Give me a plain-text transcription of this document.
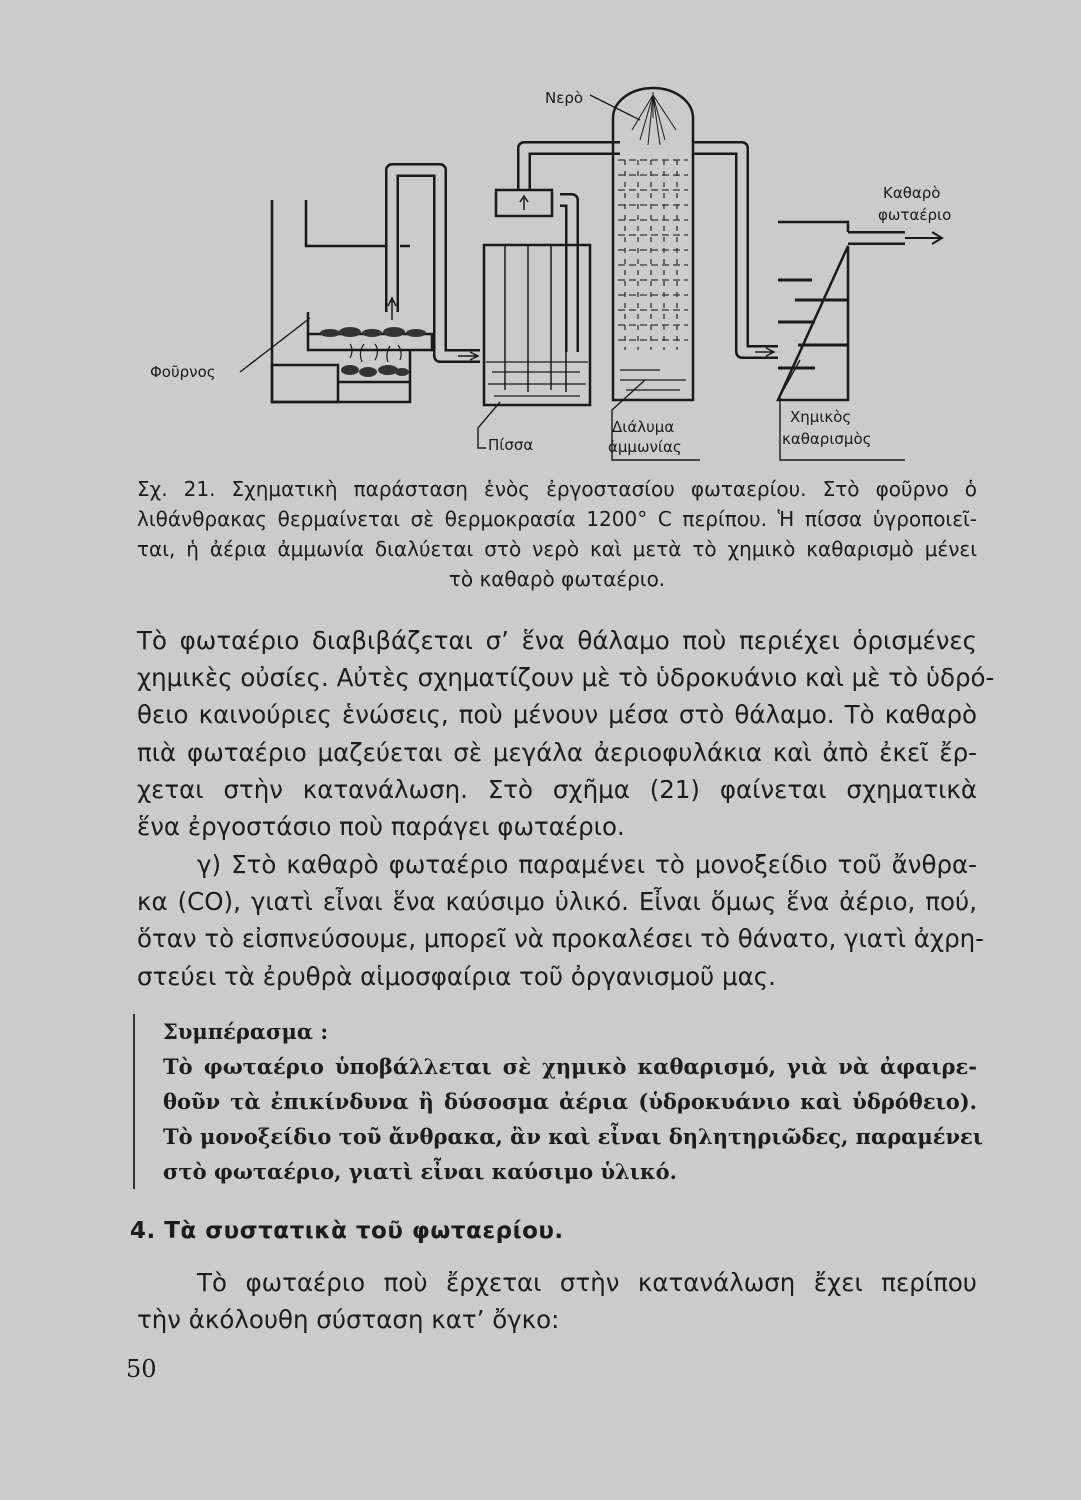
Νερὸ
Καθαρὸ
φωταέριο
Φοῦρνος
Πίσσα
Διάλυμα
ἀμμωνίας
Χημικὸς
καθαρισμὸς
Σχ. 21. Σχηματικὴ παράσταση ἑνὸς ἐργοστασίου φωταερίου. Στὸ φοῦρνο ὁ
λιθάνθρακας θερμαίνεται σὲ θερμοκρασία 1200° C περίπου. Ἡ πίσσα ὑγροποιεῖ-
ται, ἡ ἀέρια ἀμμωνία διαλύεται στὸ νερὸ καὶ μετὰ τὸ χημικὸ καθαρισμὸ μένει
τὸ καθαρὸ φωταέριο.
Τὸ φωταέριο διαβιβάζεται σ’ ἕνα θάλαμο ποὺ περιέχει ὁρισμένες
χημικὲς οὐσίες. Αὐτὲς σχηματίζουν μὲ τὸ ὑδροκυάνιο καὶ μὲ τὸ ὑδρό-
θειο καινούριες ἑνώσεις, ποὺ μένουν μέσα στὸ θάλαμο. Τὸ καθαρὸ
πιὰ φωταέριο μαζεύεται σὲ μεγάλα ἀεριοφυλάκια καὶ ἀπὸ ἐκεῖ ἔρ-
χεται στὴν κατανάλωση. Στὸ σχῆμα (21) φαίνεται σχηματικὰ
ἕνα ἐργοστάσιο ποὺ παράγει φωταέριο.
γ) Στὸ καθαρὸ φωταέριο παραμένει τὸ μονοξείδιο τοῦ ἄνθρα-
κα (CO), γιατὶ εἶναι ἕνα καύσιμο ὑλικό. Εἶναι ὅμως ἕνα ἀέριο, πού,
ὅταν τὸ εἰσπνεύσουμε, μπορεῖ νὰ προκαλέσει τὸ θάνατο, γιατὶ ἀχρη-
στεύει τὰ ἐρυθρὰ αἱμοσφαίρια τοῦ ὀργανισμοῦ μας.
Συμπέρασμα :
Τὸ φωταέριο ὑποβάλλεται σὲ χημικὸ καθαρισμό, γιὰ νὰ ἀφαιρε-
θοῦν τὰ ἐπικίνδυνα ἢ δύσοσμα ἀέρια (ὑδροκυάνιο καὶ ὑδρόθειο).
Τὸ μονοξείδιο τοῦ ἄνθρακα, ἂν καὶ εἶναι δηλητηριῶδες, παραμένει
στὸ φωταέριο, γιατὶ εἶναι καύσιμο ὑλικό.
4. Τὰ συστατικὰ τοῦ φωταερίου.
Τὸ φωταέριο ποὺ ἔρχεται στὴν κατανάλωση ἔχει περίπου
τὴν ἀκόλουθη σύσταση κατ’ ὄγκο:
50
